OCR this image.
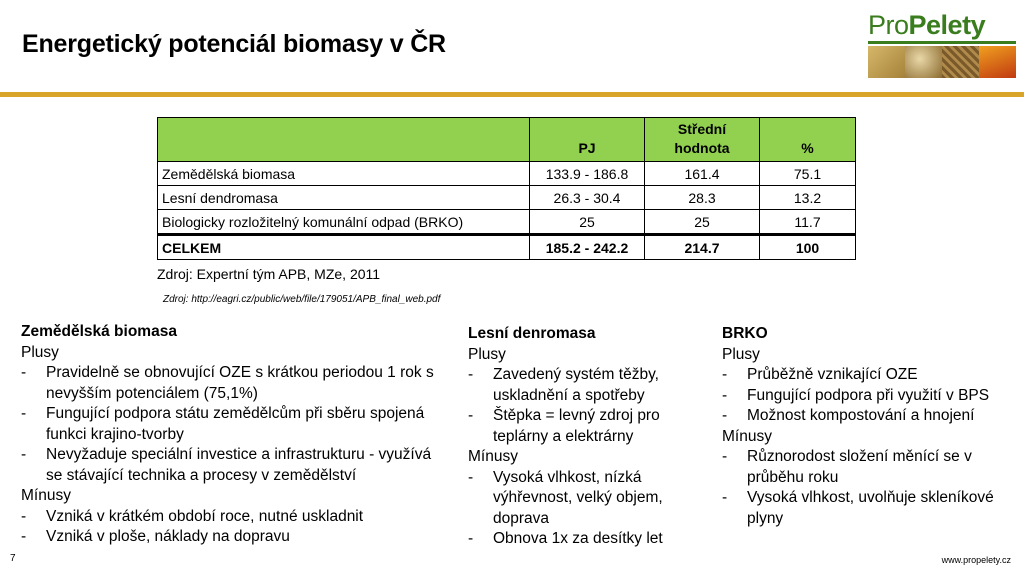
Energetický potenciál biomasy v ČR
ProPelety
	PJ	Střední hodnota	%
Zemědělská biomasa	133.9 - 186.8	161.4	75.1
Lesní dendromasa	26.3 - 30.4	28.3	13.2
Biologicky rozložitelný komunální odpad (BRKO)	25	25	11.7
CELKEM	185.2 - 242.2	214.7	100
Zdroj: Expertní tým APB, MZe, 2011
Zdroj: http://eagri.cz/public/web/file/179051/APB_final_web.pdf
Zemědělská biomasa
Plusy
- Pravidelně se obnovující OZE s krátkou periodou 1 rok s nevyšším potenciálem (75,1%)
- Fungující podpora státu zemědělcům při sběru spojená funkci krajino-tvorby
- Nevyžaduje speciální investice a infrastrukturu - využívá se stávající technika a procesy v zemědělství
Mínusy
- Vzniká v krátkém období roce, nutné uskladnit
- Vzniká v ploše, náklady na dopravu
Lesní denromasa
Plusy
- Zavedený systém těžby, uskladnění a spotřeby
- Štěpka = levný zdroj pro teplárny a elektrárny
Mínusy
- Vysoká vlhkost, nízká výhřevnost, velký objem, doprava
- Obnova 1x za desítky let
BRKO
Plusy
- Průběžně vznikající OZE
- Fungující podpora při využití v BPS
- Možnost kompostování a hnojení
Mínusy
- Různorodost složení měnící se v průběhu roku
- Vysoká vlhkost, uvolňuje skleníkové plyny
7	www.propelety.cz
